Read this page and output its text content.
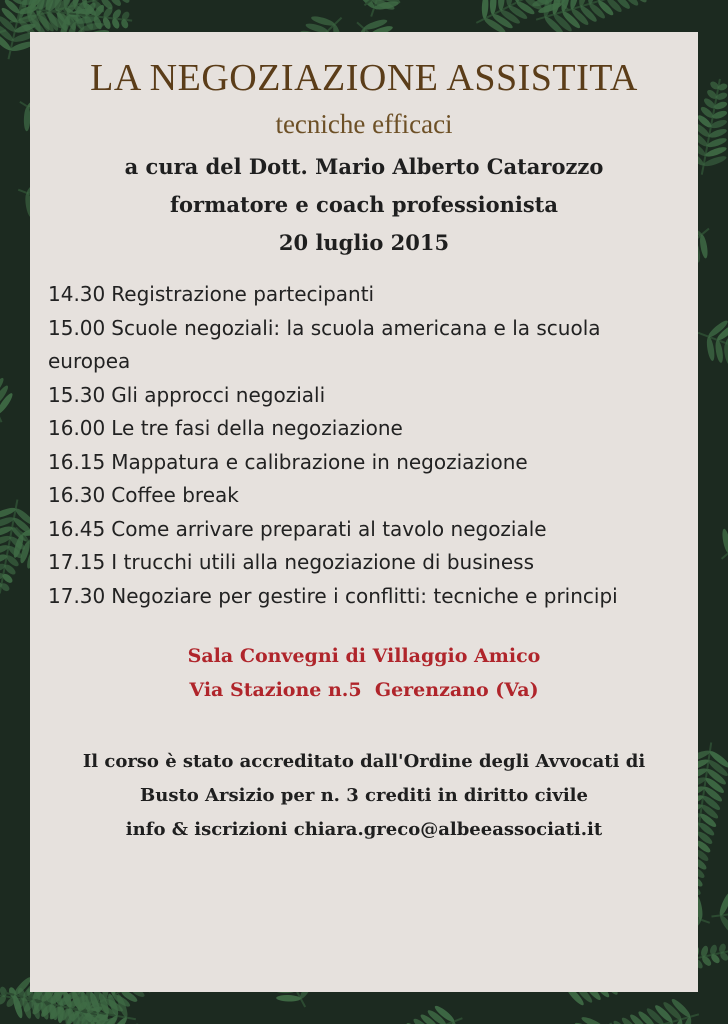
LA NEGOZIAZIONE ASSISTITA
tecniche efficaci
a cura del Dott. Mario Alberto Catarozzo
formatore e coach professionista
20 luglio 2015
14.30 Registrazione partecipanti
15.00 Scuole negoziali: la scuola americana e la scuola europea
15.30 Gli approcci negoziali
16.00 Le tre fasi della negoziazione
16.15 Mappatura e calibrazione in negoziazione
16.30 Coffee break
16.45 Come arrivare preparati al tavolo negoziale
17.15 I trucchi utili alla negoziazione di business
17.30 Negoziare per gestire i conflitti: tecniche e principi
Sala Convegni di Villaggio Amico
Via Stazione n.5  Gerenzano (Va)
Il corso è stato accreditato dall'Ordine degli Avvocati di
Busto Arsizio per n. 3 crediti in diritto civile
info & iscrizioni chiara.greco@albeeassociati.it
